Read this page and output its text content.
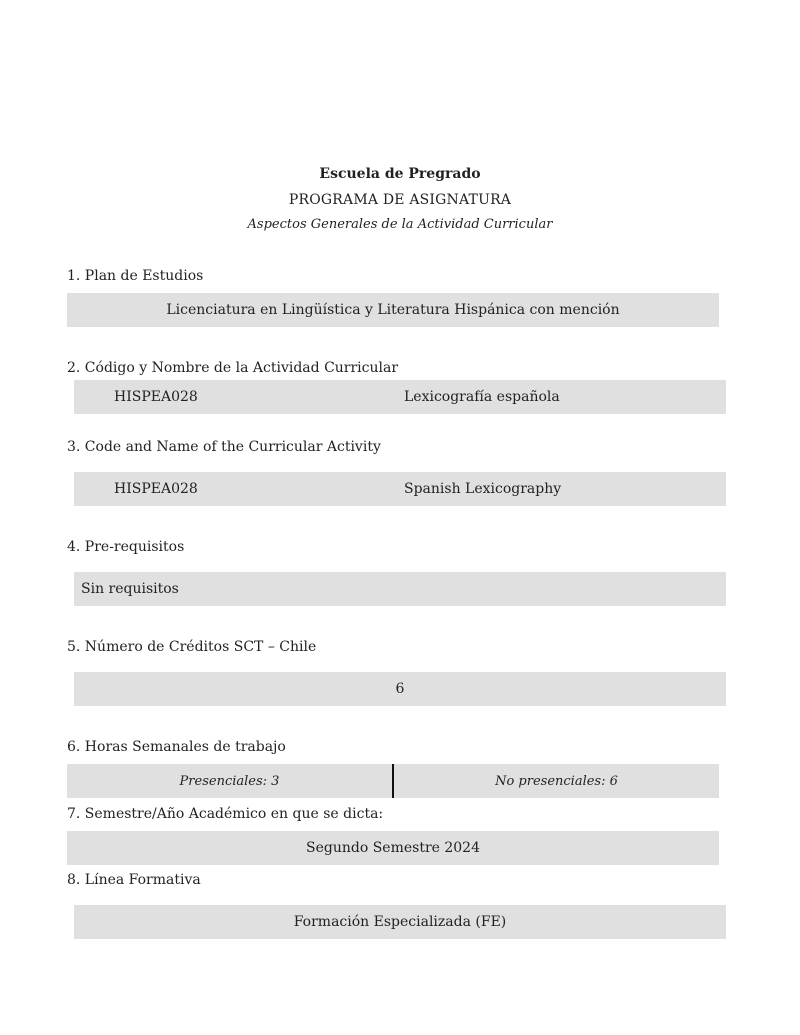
Escuela de Pregrado
PROGRAMA DE ASIGNATURA
Aspectos Generales de la Actividad Curricular
1. Plan de Estudios
Licenciatura en Lingüística y Literatura Hispánica con mención
2. Código y Nombre de la Actividad Curricular
HISPEA028	Lexicografía española
3. Code and Name of the Curricular Activity
HISPEA028	Spanish Lexicography
4. Pre-requisitos
Sin requisitos
5. Número de Créditos SCT – Chile
6
6. Horas Semanales de trabajo
Presenciales: 3	No presenciales: 6
7. Semestre/Año Académico en que se dicta:
Segundo Semestre 2024
8. Línea Formativa
Formación Especializada (FE)
